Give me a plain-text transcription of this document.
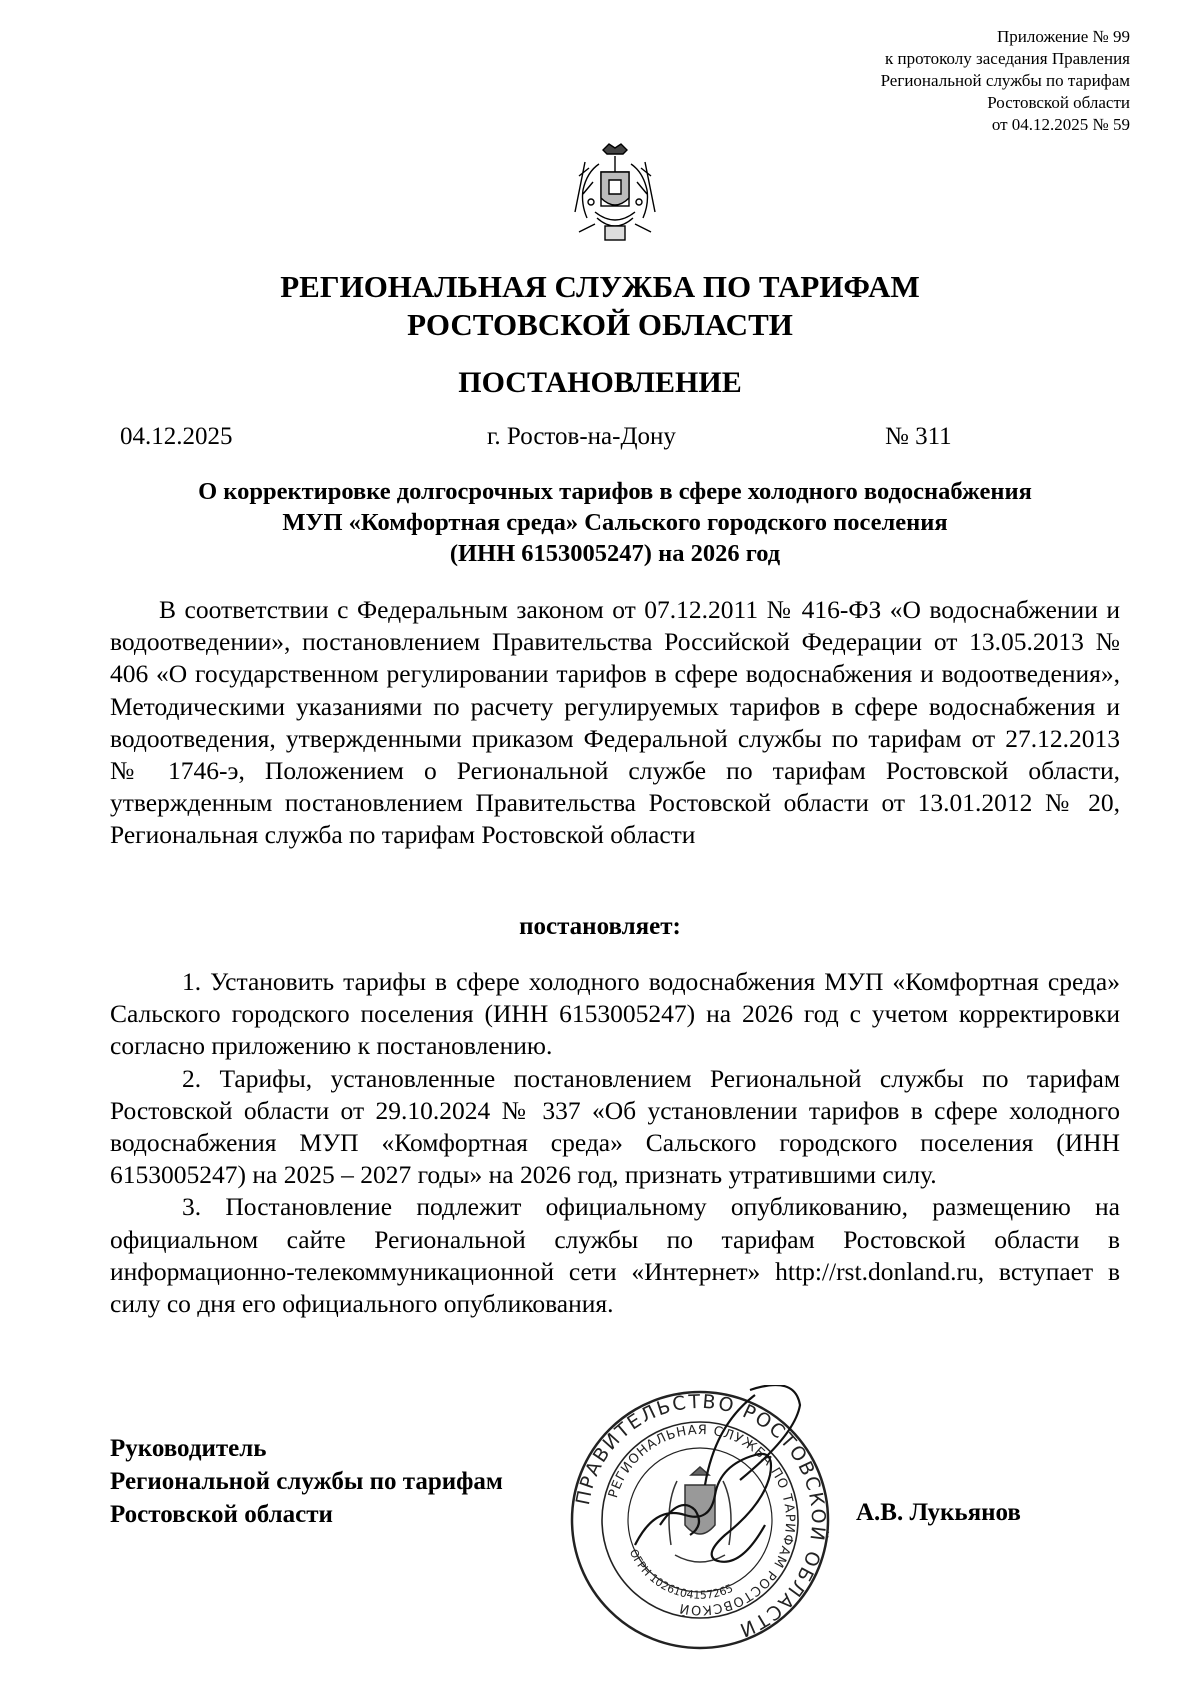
Приложение № 99
к протоколу заседания Правления
Региональной службы по тарифам
Ростовской области
от 04.12.2025 № 59
РЕГИОНАЛЬНАЯ СЛУЖБА ПО ТАРИФАМ
РОСТОВСКОЙ ОБЛАСТИ
ПОСТАНОВЛЕНИЕ
04.12.2025	г. Ростов-на-Дону	№ 311
О корректировке долгосрочных тарифов в сфере холодного водоснабжения
МУП «Комфортная среда» Сальского городского поселения
(ИНН 6153005247) на 2026 год

В соответствии с Федеральным законом от 07.12.2011 № 416-ФЗ «О водоснабжении и водоотведении», постановлением Правительства Российской Федерации от 13.05.2013 № 406 «О государственном регулировании тарифов в сфере водоснабжения и водоотведения», Методическими указаниями по расчету регулируемых тарифов в сфере водоснабжения и водоотведения, утвержденными приказом Федеральной службы по тарифам от 27.12.2013 № 1746-э, Положением о Региональной службе по тарифам Ростовской области, утвержденным постановлением Правительства Ростовской области от 13.01.2012 № 20, Региональная служба по тарифам Ростовской области

постановляет:

1. Установить тарифы в сфере холодного водоснабжения МУП «Комфортная среда» Сальского городского поселения (ИНН 6153005247) на 2026 год с учетом корректировки согласно приложению к постановлению.

2. Тарифы, установленные постановлением Региональной службы по тарифам Ростовской области от 29.10.2024 № 337 «Об установлении тарифов в сфере холодного водоснабжения МУП «Комфортная среда» Сальского городского поселения (ИНН 6153005247) на 2025 – 2027 годы» на 2026 год, признать утратившими силу.

3. Постановление подлежит официальному опубликованию, размещению на официальном сайте Региональной службы по тарифам Ростовской области в информационно-телекоммуникационной сети «Интернет» http://rst.donland.ru, вступает в силу со дня его официального опубликования.

Руководитель
Региональной службы по тарифам
Ростовской области
ПРАВИТЕЛЬСТВО РОСТОВСКОЙ ОБЛАСТИ
РЕГИОНАЛЬНАЯ СЛУЖБА ПО ТАРИФАМ РОСТОВСКОЙ
ОГРН 1026104157265
А.В. Лукьянов
